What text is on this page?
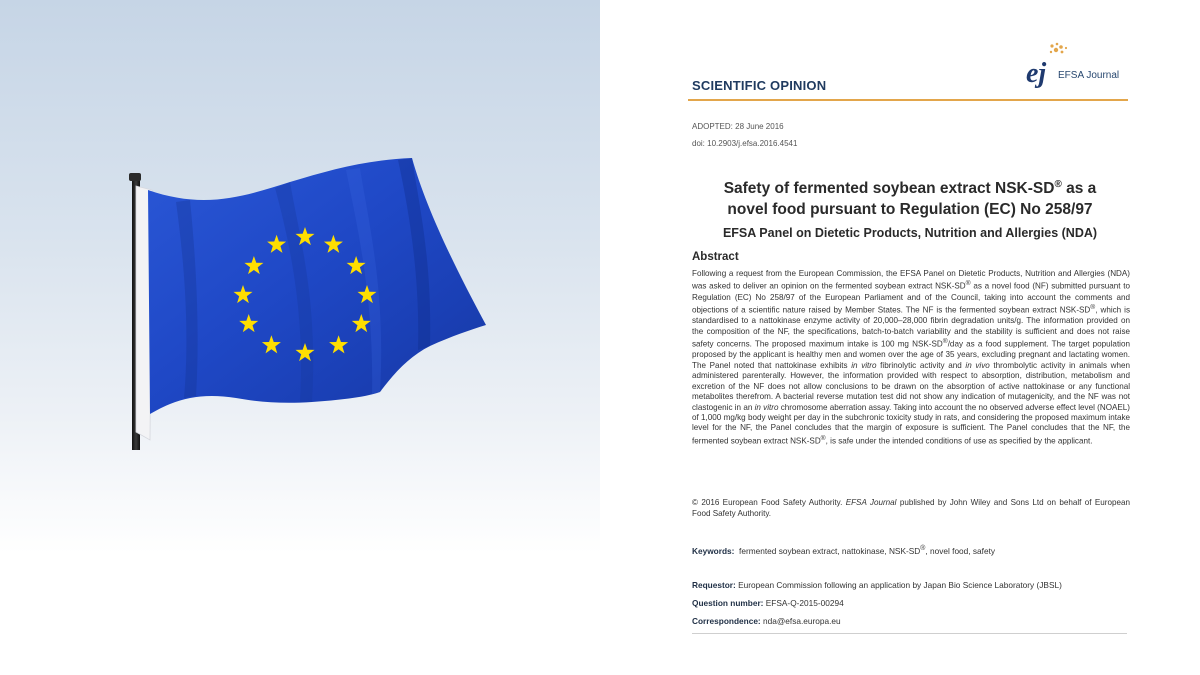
SCIENTIFIC OPINION	ej EFSA Journal
ADOPTED: 28 June 2016
doi: 10.2903/j.efsa.2016.4541
Safety of fermented soybean extract NSK-SD® as a
novel food pursuant to Regulation (EC) No 258/97
EFSA Panel on Dietetic Products, Nutrition and Allergies (NDA)
Abstract
Following a request from the European Commission, the EFSA Panel on Dietetic Products, Nutrition and Allergies (NDA) was asked to deliver an opinion on the fermented soybean extract NSK-SD® as a novel food (NF) submitted pursuant to Regulation (EC) No 258/97 of the European Parliament and of the Council, taking into account the comments and objections of a scientific nature raised by Member States. The NF is the fermented soybean extract NSK-SD®, which is standardised to a nattokinase enzyme activity of 20,000–28,000 fibrin degradation units/g. The information provided on the composition of the NF, the specifications, batch-to-batch variability and the stability is sufficient and does not raise safety concerns. The proposed maximum intake is 100 mg NSK-SD®/day as a food supplement. The target population proposed by the applicant is healthy men and women over the age of 35 years, excluding pregnant and lactating women. The Panel noted that nattokinase exhibits in vitro fibrinolytic activity and in vivo thrombolytic activity in animals when administered parenterally. However, the information provided with respect to absorption, distribution, metabolism and excretion of the NF does not allow conclusions to be drawn on the absorption of active nattokinase or any functional metabolites therefrom. A bacterial reverse mutation test did not show any indication of mutagenicity, and the NF was not clastogenic in an in vitro chromosome aberration assay. Taking into account the no observed adverse effect level (NOAEL) of 1,000 mg/kg body weight per day in the subchronic toxicity study in rats, and considering the proposed maximum intake level for the NF, the Panel concludes that the margin of exposure is sufficient. The Panel concludes that the NF, the fermented soybean extract NSK-SD®, is safe under the intended conditions of use as specified by the applicant.
© 2016 European Food Safety Authority. EFSA Journal published by John Wiley and Sons Ltd on behalf of European Food Safety Authority.
Keywords: fermented soybean extract, nattokinase, NSK-SD®, novel food, safety
Requestor: European Commission following an application by Japan Bio Science Laboratory (JBSL)
Question number: EFSA-Q-2015-00294
Correspondence: nda@efsa.europa.eu
